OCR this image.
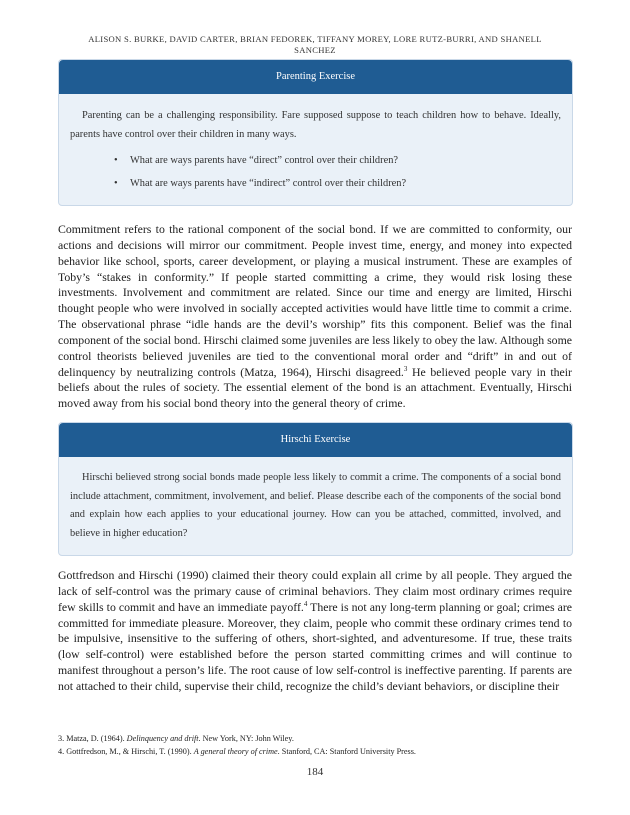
ALISON S. BURKE, DAVID CARTER, BRIAN FEDOREK, TIFFANY MOREY, LORE RUTZ-BURRI, AND SHANELL
SANCHEZ
Parenting Exercise

Parenting can be a challenging responsibility. Fare supposed suppose to teach children how to behave. Ideally, parents have control over their children in many ways.

• What are ways parents have “direct” control over their children?
• What are ways parents have “indirect” control over their children?

Commitment refers to the rational component of the social bond. If we are committed to conformity, our actions and decisions will mirror our commitment. People invest time, energy, and money into expected behavior like school, sports, career development, or playing a musical instrument. These are examples of Toby’s “stakes in conformity.” If people started committing a crime, they would risk losing these investments. Involvement and commitment are related. Since our time and energy are limited, Hirschi thought people who were involved in socially accepted activities would have little time to commit a crime. The observational phrase “idle hands are the devil’s worship” fits this component. Belief was the final component of the social bond. Hirschi claimed some juveniles are less likely to obey the law. Although some control theorists believed juveniles are tied to the conventional moral order and “drift” in and out of delinquency by neutralizing controls (Matza, 1964), Hirschi disagreed.$^3$ He believed people vary in their beliefs about the rules of society. The essential element of the bond is an attachment. Eventually, Hirschi moved away from his social bond theory into the general theory of crime.

Hirschi Exercise

Hirschi believed strong social bonds made people less likely to commit a crime. The components of a social bond include attachment, commitment, involvement, and belief. Please describe each of the components of the social bond and explain how each applies to your educational journey. How can you be attached, committed, involved, and believe in higher education?

Gottfredson and Hirschi (1990) claimed their theory could explain all crime by all people. They argued the lack of self-control was the primary cause of criminal behaviors. They claim most ordinary crimes require few skills to commit and have an immediate payoff.$^4$ There is not any long-term planning or goal; crimes are committed for immediate pleasure. Moreover, they claim, people who commit these ordinary crimes tend to be impulsive, insensitive to the suffering of others, short-sighted, and adventuresome. If true, these traits (low self-control) were established before the person started committing crimes and will continue to manifest throughout a person’s life. The root cause of low self-control is ineffective parenting. If parents are not attached to their child, supervise their child, recognize the child’s deviant behaviors, or discipline their

3. Matza, D. (1964). Delinquency and drift. New York, NY: John Wiley.
4. Gottfredson, M., & Hirschi, T. (1990). A general theory of crime. Stanford, CA: Stanford University Press.
184
